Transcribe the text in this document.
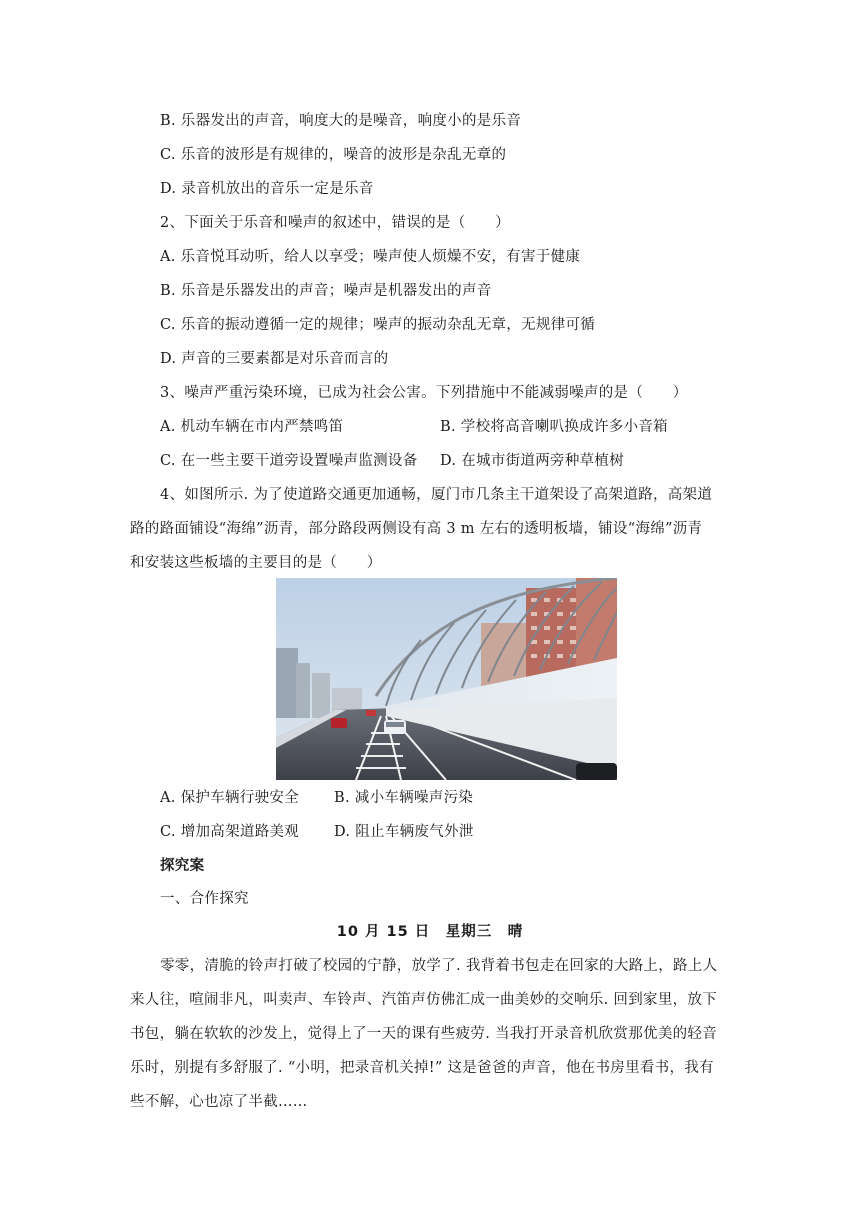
B. 乐器发出的声音，响度大的是噪音，响度小的是乐音
C. 乐音的波形是有规律的，噪音的波形是杂乱无章的
D. 录音机放出的音乐一定是乐音
2、下面关于乐音和噪声的叙述中，错误的是（　　）
A. 乐音悦耳动听，给人以享受；噪声使人烦燥不安，有害于健康
B. 乐音是乐器发出的声音；噪声是机器发出的声音
C. 乐音的振动遵循一定的规律；噪声的振动杂乱无章，无规律可循
D. 声音的三要素都是对乐音而言的
3、噪声严重污染环境，已成为社会公害。下列措施中不能减弱噪声的是（　　）
A. 机动车辆在市内严禁鸣笛	B. 学校将高音喇叭换成许多小音箱
C. 在一些主要干道旁设置噪声监测设备 D. 在城市街道两旁种草植树
4、如图所示. 为了使道路交通更加通畅，厦门市几条主干道架设了高架道路，高架道
路的路面铺设“海绵”沥青，部分路段两侧设有高 3 m 左右的透明板墙，铺设“海绵”沥青
和安装这些板墙的主要目的是（　　）
A. 保护车辆行驶安全 B. 减小车辆噪声污染
C. 增加高架道路美观 D. 阻止车辆废气外泄
探究案
一、合作探究
10 月 15 日　星期三　晴
零零，清脆的铃声打破了校园的宁静，放学了. 我背着书包走在回家的大路上，路上人
来人往，喧闹非凡，叫卖声、车铃声、汽笛声仿佛汇成一曲美妙的交响乐. 回到家里，放下
书包，躺在软软的沙发上，觉得上了一天的课有些疲劳. 当我打开录音机欣赏那优美的轻音
乐时，别提有多舒服了. “小明，把录音机关掉!” 这是爸爸的声音，他在书房里看书，我有
些不解，心也凉了半截……
